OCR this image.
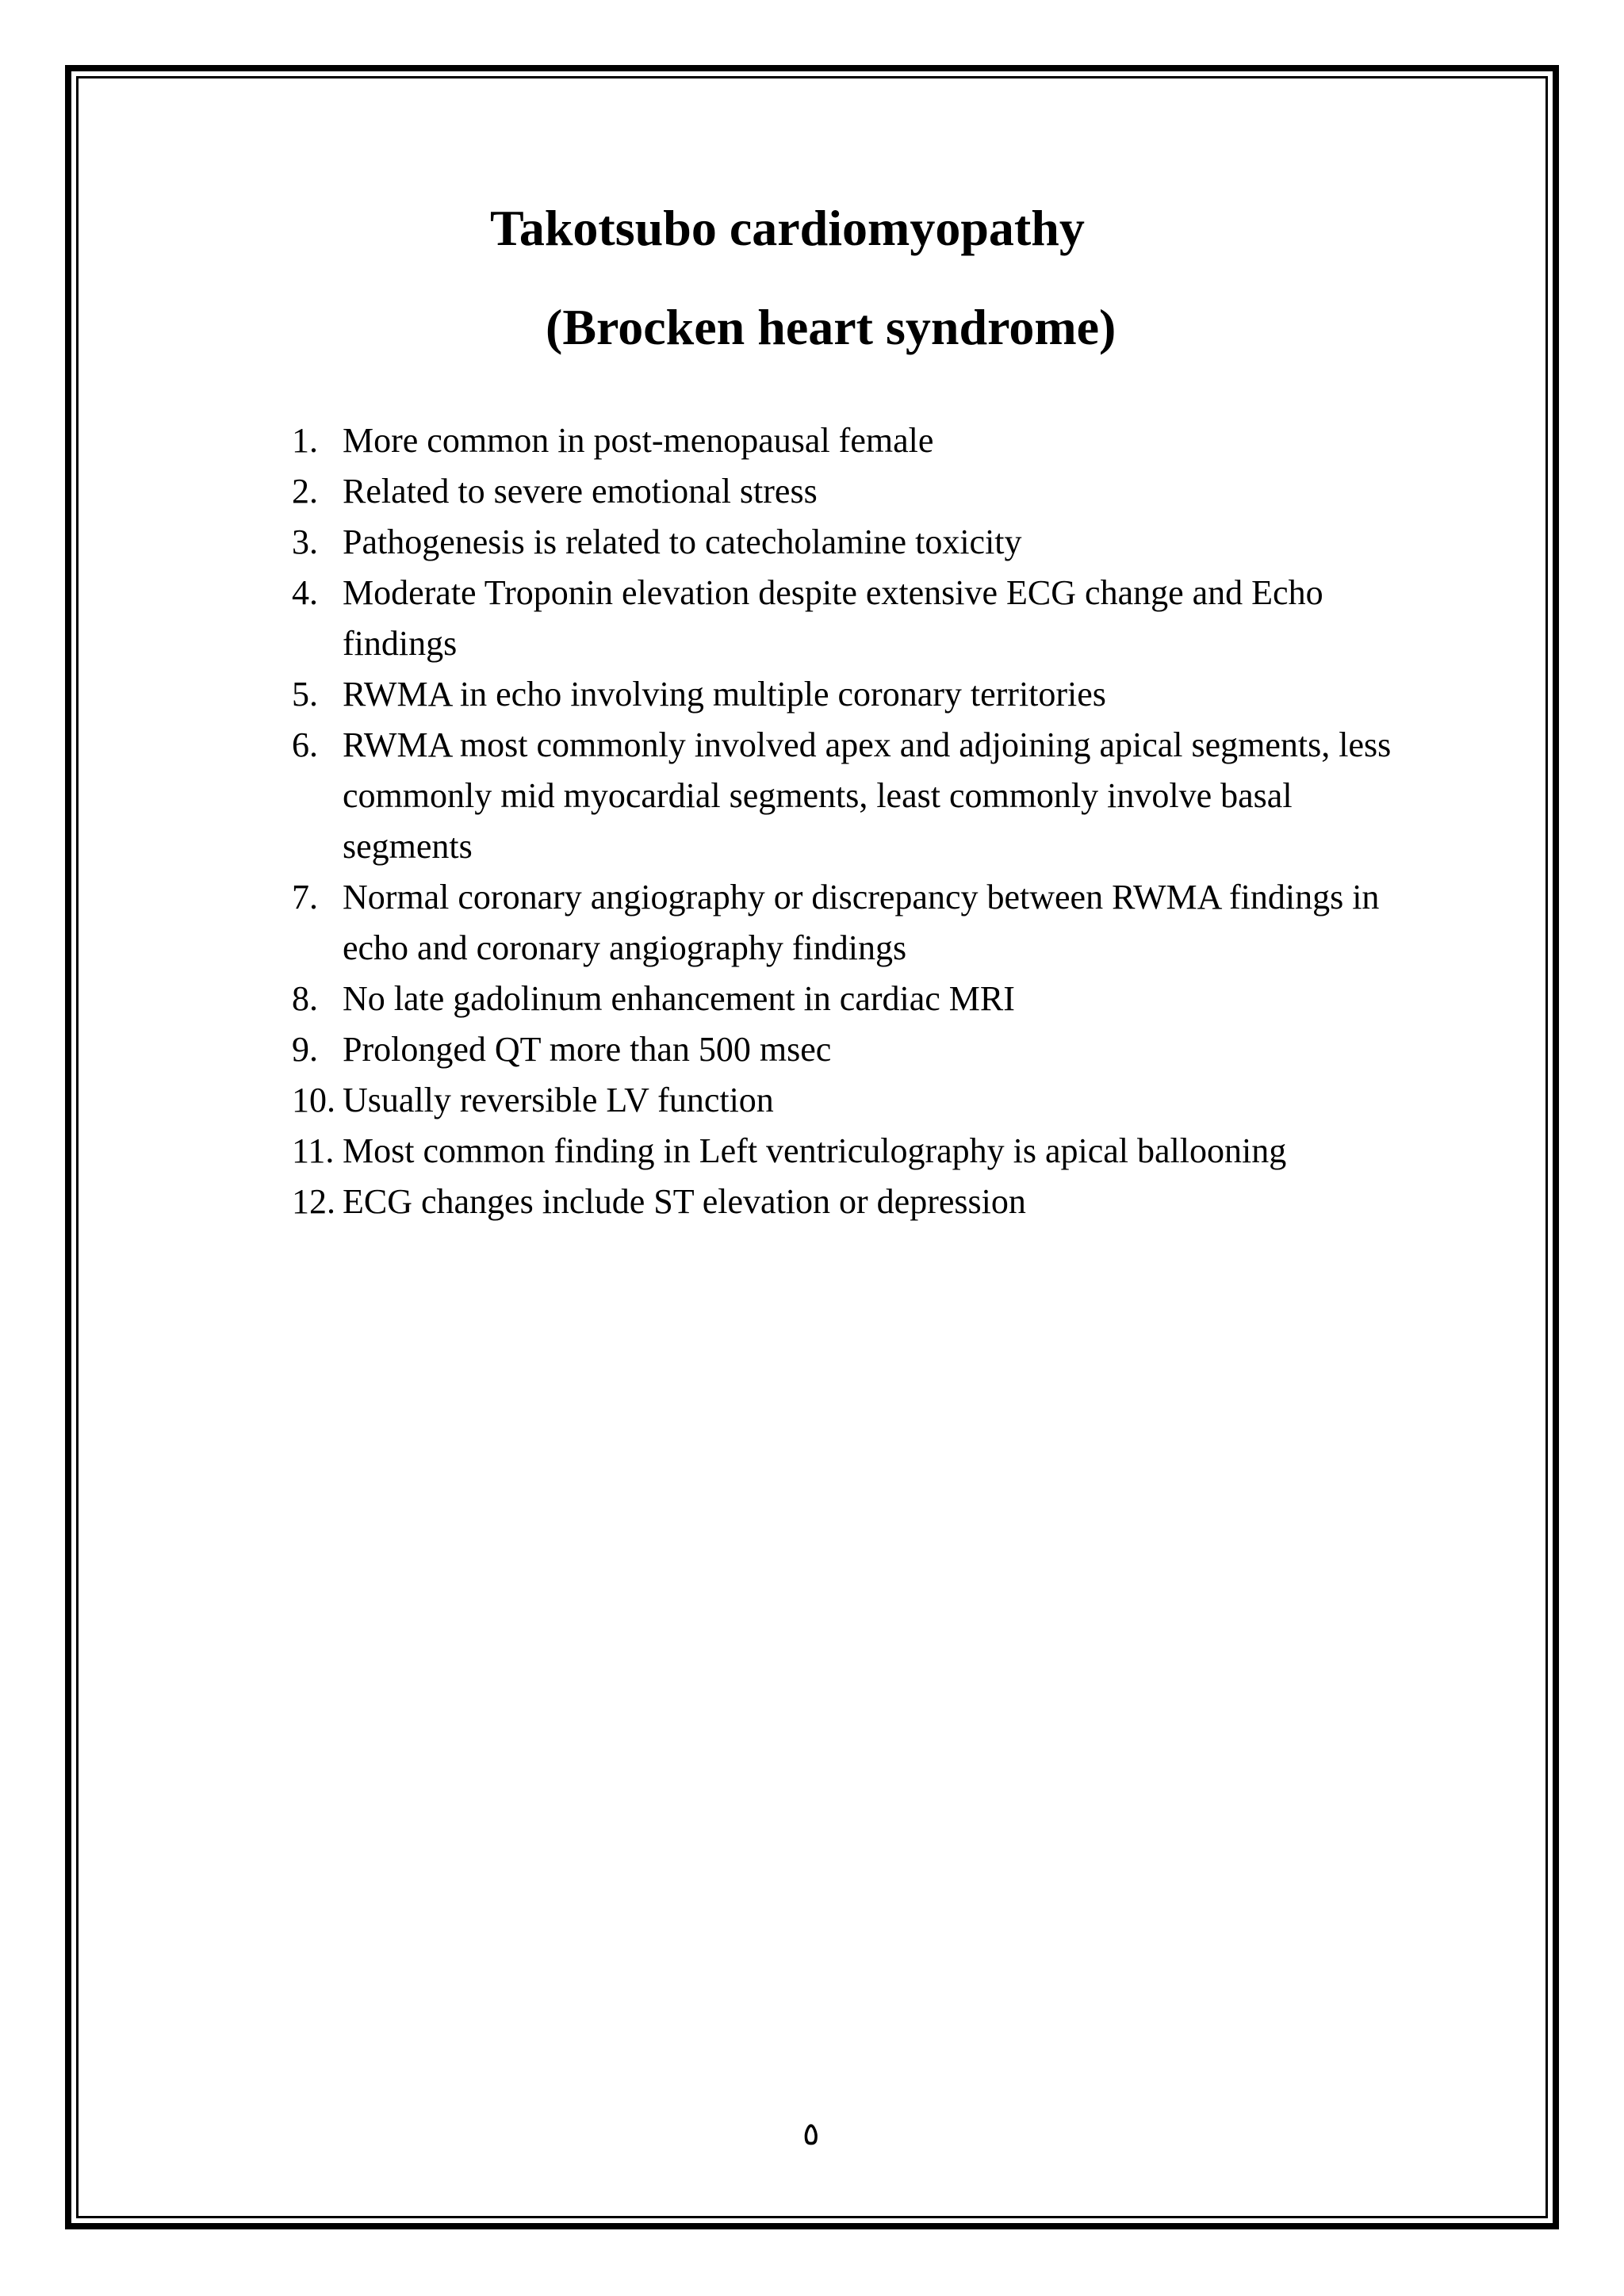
Takotsubo cardiomyopathy
(Brocken heart syndrome)
1. More common in post-menopausal female
2. Related to severe emotional stress
3. Pathogenesis is related to catecholamine toxicity
4. Moderate Troponin elevation despite extensive ECG change and Echo findings
5. RWMA in echo involving multiple coronary territories
6. RWMA most commonly involved apex and adjoining apical segments, less commonly mid myocardial segments, least commonly involve basal segments
7. Normal coronary angiography or discrepancy between RWMA findings in echo and coronary angiography findings
8. No late gadolinum enhancement in cardiac MRI
9. Prolonged QT more than 500 msec
10. Usually reversible LV function
11. Most common finding in Left ventriculography is apical ballooning
12. ECG changes include ST elevation or depression
٥
